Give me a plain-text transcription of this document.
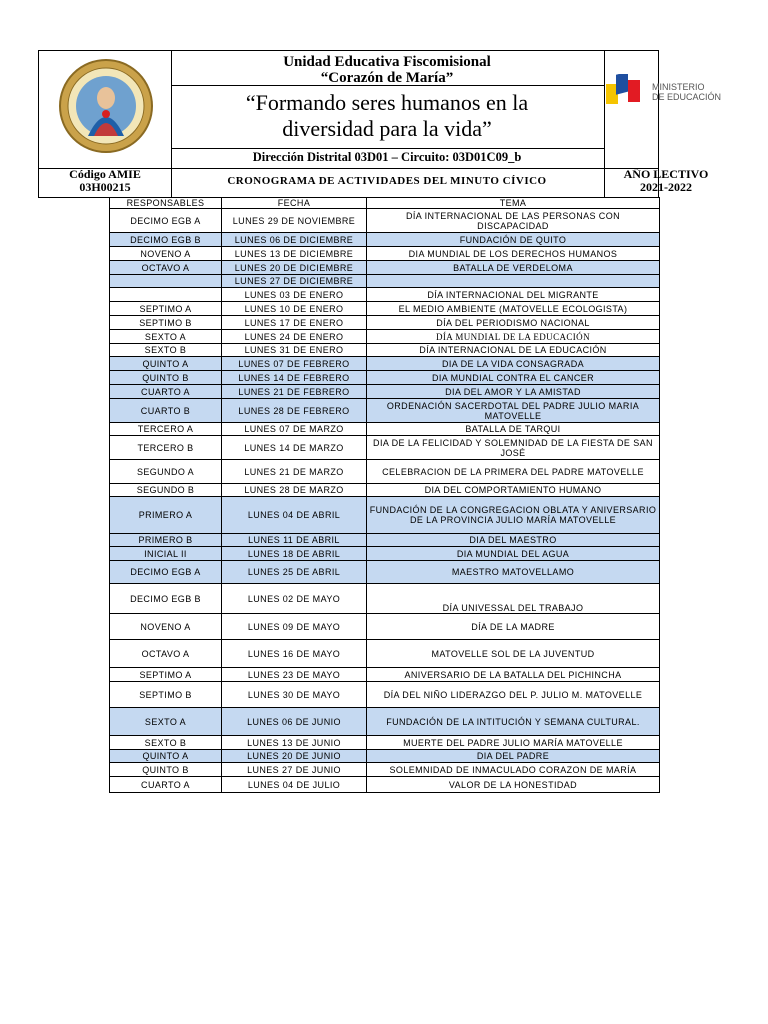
MINISTERIO
DE EDUCACIÓN
Unidad Educativa Fiscomisional
“Corazón de María”
“Formando seres humanos en la
diversidad para la vida”
Dirección Distrital 03D01 – Circuito: 03D01C09_b
Código AMIE
03H00215	CRONOGRAMA DE ACTIVIDADES DEL MINUTO CÍVICO	AÑO LECTIVO
2021-2022
RESPONSABLES	FECHA	TEMA
DECIMO EGB A	LUNES 29 DE NOVIEMBRE	DÍA INTERNACIONAL DE LAS PERSONAS CON DISCAPACIDAD
DECIMO EGB B	LUNES 06 DE DICIEMBRE	FUNDACIÓN DE QUITO
NOVENO A	LUNES 13 DE DICIEMBRE	DIA MUNDIAL DE LOS DERECHOS HUMANOS
OCTAVO A	LUNES 20 DE DICIEMBRE	BATALLA DE VERDELOMA
	LUNES 27 DE DICIEMBRE	
	LUNES 03 DE ENERO	DÍA INTERNACIONAL DEL MIGRANTE
SEPTIMO A	LUNES 10 DE ENERO	EL MEDIO AMBIENTE (MATOVELLE ECOLOGISTA)
SEPTIMO B	LUNES 17 DE ENERO	DÍA DEL PERIODISMO NACIONAL
SEXTO A	LUNES 24 DE ENERO	DÍA MUNDIAL DE LA EDUCACIÓN
SEXTO B	LUNES 31 DE ENERO	DÍA INTERNACIONAL DE LA EDUCACIÓN
QUINTO A	LUNES 07 DE FEBRERO	DIA DE LA VIDA CONSAGRADA
QUINTO B	LUNES 14 DE FEBRERO	DIA MUNDIAL CONTRA EL CANCER
CUARTO A	LUNES 21 DE FEBRERO	DIA DEL AMOR Y LA AMISTAD
CUARTO B	LUNES 28 DE FEBRERO	ORDENACIÓN SACERDOTAL DEL PADRE JULIO MARIA MATOVELLE
TERCERO A	LUNES 07 DE MARZO	BATALLA DE TARQUI
TERCERO B	LUNES 14 DE MARZO	DIA DE LA FELICIDAD Y SOLEMNIDAD DE LA FIESTA DE SAN JOSÉ
SEGUNDO A	LUNES 21 DE MARZO	CELEBRACION DE LA PRIMERA DEL PADRE MATOVELLE
SEGUNDO B	LUNES 28 DE MARZO	DIA DEL COMPORTAMIENTO HUMANO
PRIMERO A	LUNES 04 DE ABRIL	FUNDACIÓN DE LA CONGREGACION OBLATA Y ANIVERSARIO DE LA PROVINCIA JULIO MARÍA MATOVELLE
PRIMERO B	LUNES 11 DE ABRIL	DIA DEL MAESTRO
INICIAL II	LUNES 18 DE ABRIL	DIA MUNDIAL DEL AGUA
DECIMO EGB A	LUNES 25 DE ABRIL	MAESTRO MATOVELLAMO
DECIMO EGB B	LUNES 02 DE MAYO	DÍA UNIVESSAL DEL TRABAJO
NOVENO A	LUNES 09 DE MAYO	DÍA DE LA MADRE
OCTAVO A	LUNES 16 DE MAYO	MATOVELLE SOL DE LA JUVENTUD
SEPTIMO A	LUNES 23 DE MAYO	ANIVERSARIO DE LA BATALLA DEL PICHINCHA
SEPTIMO B	LUNES 30 DE MAYO	DÍA DEL NIÑO LIDERAZGO DEL P. JULIO M. MATOVELLE
SEXTO A	LUNES 06 DE JUNIO	FUNDACIÓN DE LA INTITUCIÓN Y SEMANA CULTURAL.
SEXTO B	LUNES 13 DE JUNIO	MUERTE DEL PADRE JULIO MARÍA MATOVELLE
QUINTO A	LUNES 20 DE JUNIO	DIA DEL PADRE
QUINTO B	LUNES 27 DE JUNIO	SOLEMNIDAD DE INMACULADO CORAZON DE MARÍA
CUARTO A	LUNES 04 DE JULIO	VALOR DE LA HONESTIDAD
